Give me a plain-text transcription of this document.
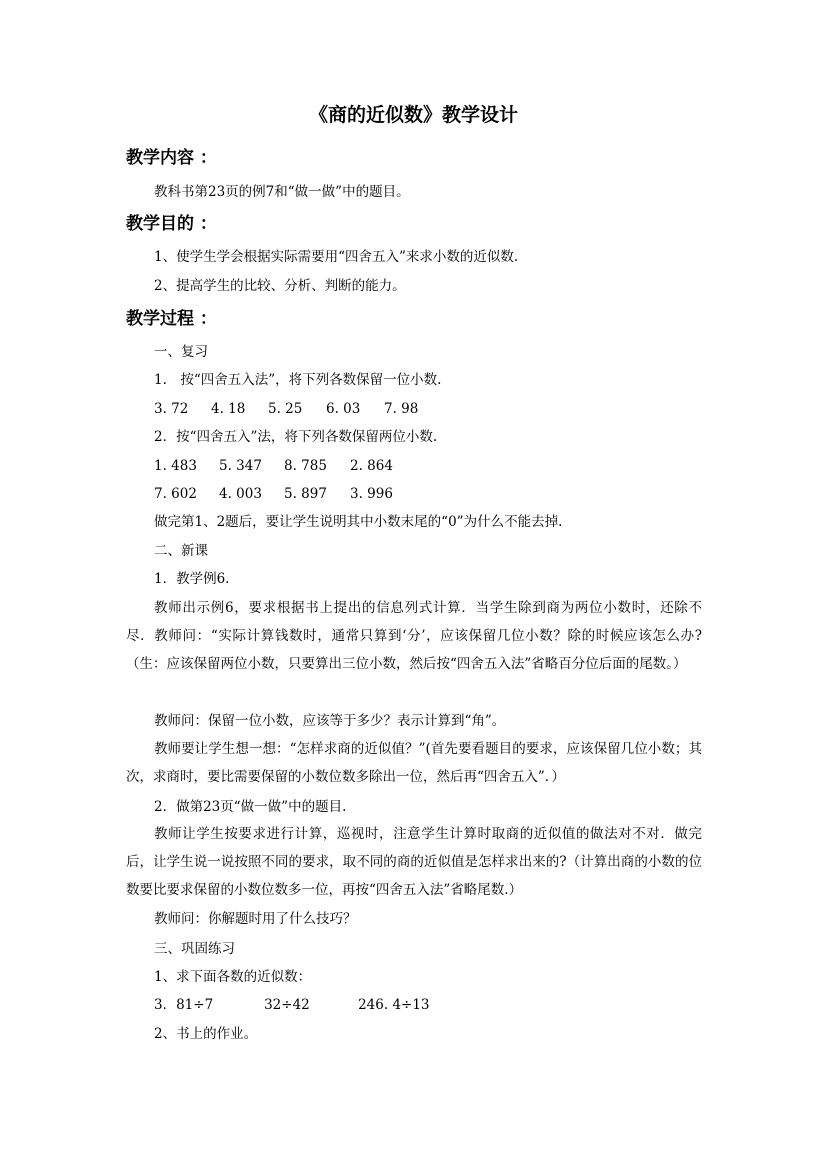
《商的近似数》教学设计
教学内容 ：
教科书第23页的例7和“做一做”中的题目。
教学目的 ：
1、使学生学会根据实际需要用“四舍五入”来求小数的近似数.
2、提高学生的比较、分析、判断的能力。
教学过程 ：
一、复习
1.　按“四舍五入法”，将下列各数保留一位小数.
3. 72 4. 18 5. 25 6. 03 7. 98
2．按“四舍五入”法，将下列各数保留两位小数.
1. 483 5. 347 8. 785 2. 864
7. 602 4. 003 5. 897 3. 996
做完第1、2题后，要让学生说明其中小数末尾的“0”为什么不能去掉.
二、新课
1．教学例6.
教师出示例6，要求根据书上提出的信息列式计算．当学生除到商为两位小数时，还除不尽．教师问：“实际计算钱数时，通常只算到‘分’，应该保留几位小数？除的时候应该怎么办?（生：应该保留两位小数，只要算出三位小数，然后按“四舍五入法”省略百分位后面的尾数。）
教师问：保留一位小数，应该等于多少？表示计算到“角”。
教师要让学生想一想：“怎样求商的近似值？”(首先要看题目的要求，应该保留几位小数；其次，求商时，要比需要保留的小数位数多除出一位，然后再“四舍五入”．）
2．做第23页“做一做”中的题目.
教师让学生按要求进行计算，巡视时，注意学生计算时取商的近似值的做法对不对．做完后，让学生说一说按照不同的要求，取不同的商的近似值是怎样求出来的?（计算出商的小数的位数要比要求保留的小数位数多一位，再按“四舍五入法”省略尾数.）
教师问：你解题时用了什么技巧？
三、巩固练习
1、求下面各数的近似数：
3．81÷7	32÷42	246. 4÷13
2、书上的作业。
